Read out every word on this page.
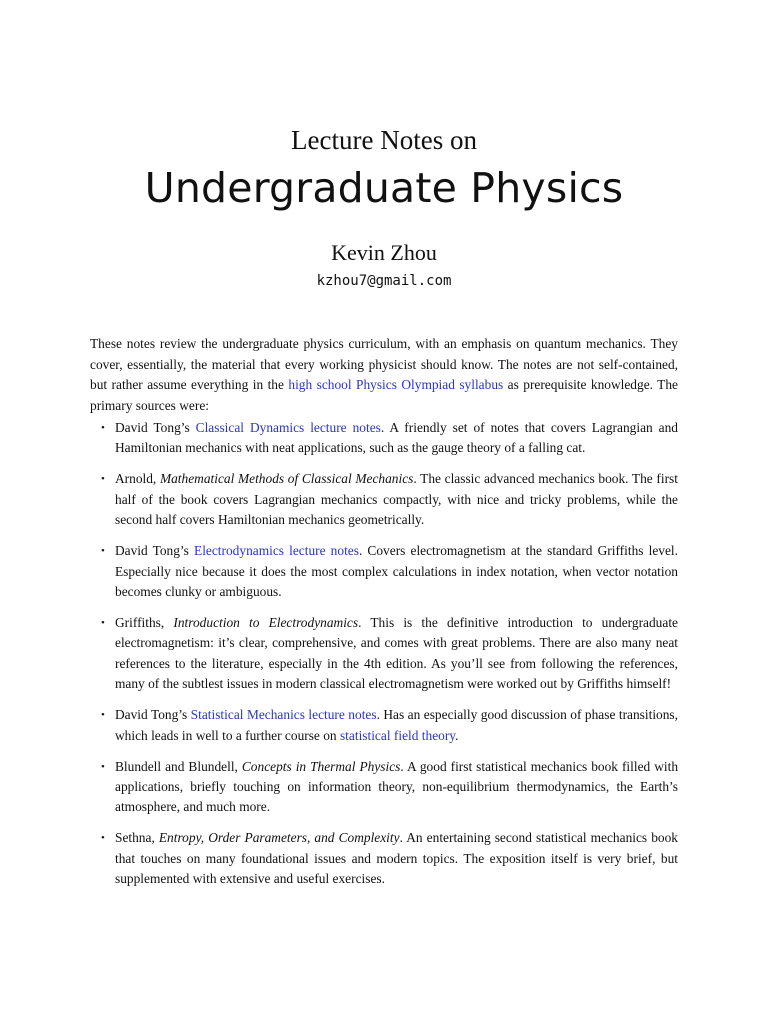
Lecture Notes on
Undergraduate Physics
Kevin Zhou
kzhou7@gmail.com

These notes review the undergraduate physics curriculum, with an emphasis on quantum mechanics. They cover, essentially, the material that every working physicist should know. The notes are not self-contained, but rather assume everything in the high school Physics Olympiad syllabus as prerequisite knowledge. The primary sources were:

• David Tong’s Classical Dynamics lecture notes. A friendly set of notes that covers Lagrangian and Hamiltonian mechanics with neat applications, such as the gauge theory of a falling cat.
• Arnold, Mathematical Methods of Classical Mechanics. The classic advanced mechanics book. The first half of the book covers Lagrangian mechanics compactly, with nice and tricky problems, while the second half covers Hamiltonian mechanics geometrically.
• David Tong’s Electrodynamics lecture notes. Covers electromagnetism at the standard Griffiths level. Especially nice because it does the most complex calculations in index notation, when vector notation becomes clunky or ambiguous.
• Griffiths, Introduction to Electrodynamics. This is the definitive introduction to undergraduate electromagnetism: it’s clear, comprehensive, and comes with great problems. There are also many neat references to the literature, especially in the 4th edition. As you’ll see from following the references, many of the subtlest issues in modern classical electromagnetism were worked out by Griffiths himself!
• David Tong’s Statistical Mechanics lecture notes. Has an especially good discussion of phase transitions, which leads in well to a further course on statistical field theory.
• Blundell and Blundell, Concepts in Thermal Physics. A good first statistical mechanics book filled with applications, briefly touching on information theory, non-equilibrium thermodynamics, the Earth’s atmosphere, and much more.
• Sethna, Entropy, Order Parameters, and Complexity. An entertaining second statistical mechanics book that touches on many foundational issues and modern topics. The exposition itself is very brief, but supplemented with extensive and useful exercises.
